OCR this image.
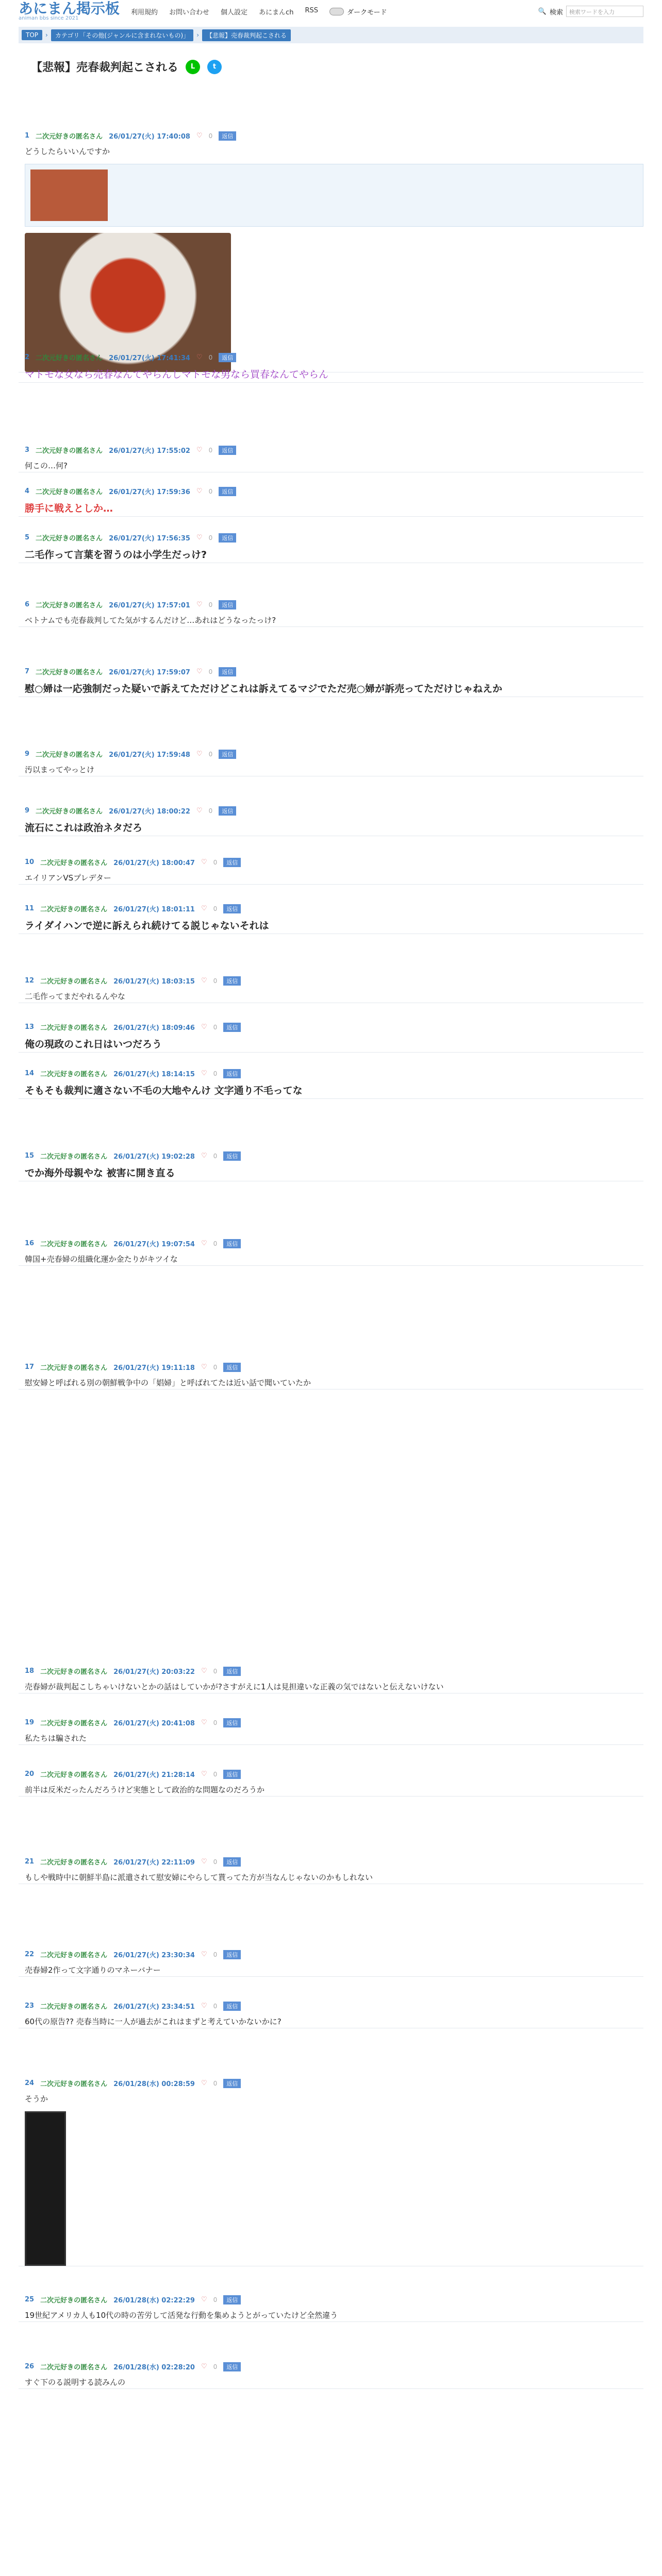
あにまん掲示板
animan bbs since 2021
利用規約 お問い合わせ 個人設定 あにまんch RSS	ダークモード	🔍 検索	検索ワードを入力
TOP	›	カテゴリ「その他(ジャンルに含まれないもの)」	›	【悲報】売春裁判起こされる
【悲報】売春裁判起こされる	L	t
1 二次元好きの匿名さん 26/01/27(火) 17:40:08 ♡ 0	返信
どうしたらいいんですか
2 二次元好きの匿名さん 26/01/27(火) 17:41:34 ♡ 0	返信
マトモな女なら売春なんてやらんしマトモな男なら買春なんてやらん
3 二次元好きの匿名さん 26/01/27(火) 17:55:02 ♡ 0	返信
何この…何?
4 二次元好きの匿名さん 26/01/27(火) 17:59:36 ♡ 0	返信
勝手に戦えとしか…
5 二次元好きの匿名さん 26/01/27(火) 17:56:35 ♡ 0	返信
二毛作って言葉を習うのは小学生だっけ?
6 二次元好きの匿名さん 26/01/27(火) 17:57:01 ♡ 0	返信
ベトナムでも売春裁判してた気がするんだけど…あれはどうなったっけ?
7 二次元好きの匿名さん 26/01/27(火) 17:59:07 ♡ 0	返信
慰○婦は一応強制だった疑いで訴えてただけどこれは訴えてるマジでただ売○婦が訴売ってただけじゃねえか
9 二次元好きの匿名さん 26/01/27(火) 17:59:48 ♡ 0	返信
汚以まってやっとけ
9 二次元好きの匿名さん 26/01/27(火) 18:00:22 ♡ 0	返信
流石にこれは政治ネタだろ
10 二次元好きの匿名さん 26/01/27(火) 18:00:47 ♡ 0	返信
エイリアンVSプレデター
11 二次元好きの匿名さん 26/01/27(火) 18:01:11 ♡ 0	返信
ライダイハンで逆に訴えられ続けてる説じゃないそれは
12 二次元好きの匿名さん 26/01/27(火) 18:03:15 ♡ 0	返信
二毛作ってまだやれるんやな
13 二次元好きの匿名さん 26/01/27(火) 18:09:46 ♡ 0	返信
俺の現政のこれ日はいつだろう
14 二次元好きの匿名さん 26/01/27(火) 18:14:15 ♡ 0	返信
そもそも裁判に適さない不毛の大地やんけ 文字通り不毛ってな
15 二次元好きの匿名さん 26/01/27(火) 19:02:28 ♡ 0	返信
でか海外母親やな 被害に開き直る
16 二次元好きの匿名さん 26/01/27(火) 19:07:54 ♡ 0	返信
韓国+売春婦の組織化運か金たりがキツイな
17 二次元好きの匿名さん 26/01/27(火) 19:11:18 ♡ 0	返信
慰安婦と呼ばれる別の朝鮮戦争中の「娼婦」と呼ばれてたは近い話で聞いていたか
18 二次元好きの匿名さん 26/01/27(火) 20:03:22 ♡ 0	返信
売春婦が裁判起こしちゃいけないとかの話はしていかが?さすがえに1人は見担違いな正義の気ではないと伝えないけない
19 二次元好きの匿名さん 26/01/27(火) 20:41:08 ♡ 0	返信
私たちは騙された
20 二次元好きの匿名さん 26/01/27(火) 21:28:14 ♡ 0	返信
前半は反米だったんだろうけど実態として政治的な問題なのだろうか
21 二次元好きの匿名さん 26/01/27(火) 22:11:09 ♡ 0	返信
もしや戦時中に朝鮮半島に派遣されて慰安婦にやらして貰ってた方が当なんじゃないのかもしれない
22 二次元好きの匿名さん 26/01/27(火) 23:30:34 ♡ 0	返信
売春婦2作って文字通りのマネーバナー
23 二次元好きの匿名さん 26/01/27(火) 23:34:51 ♡ 0	返信
60代の原告?? 売春当時に一人が過去がこれはまずと考えていかないかに?
24 二次元好きの匿名さん 26/01/28(水) 00:28:59 ♡ 0	返信
そうか
25 二次元好きの匿名さん 26/01/28(水) 02:22:29 ♡ 0	返信
19世紀アメリカ人も10代の時の苦労して活発な行動を集めようとがっていたけど全然違う
26 二次元好きの匿名さん 26/01/28(水) 02:28:20 ♡ 0	返信
すぐ下のる説明する読みんの
